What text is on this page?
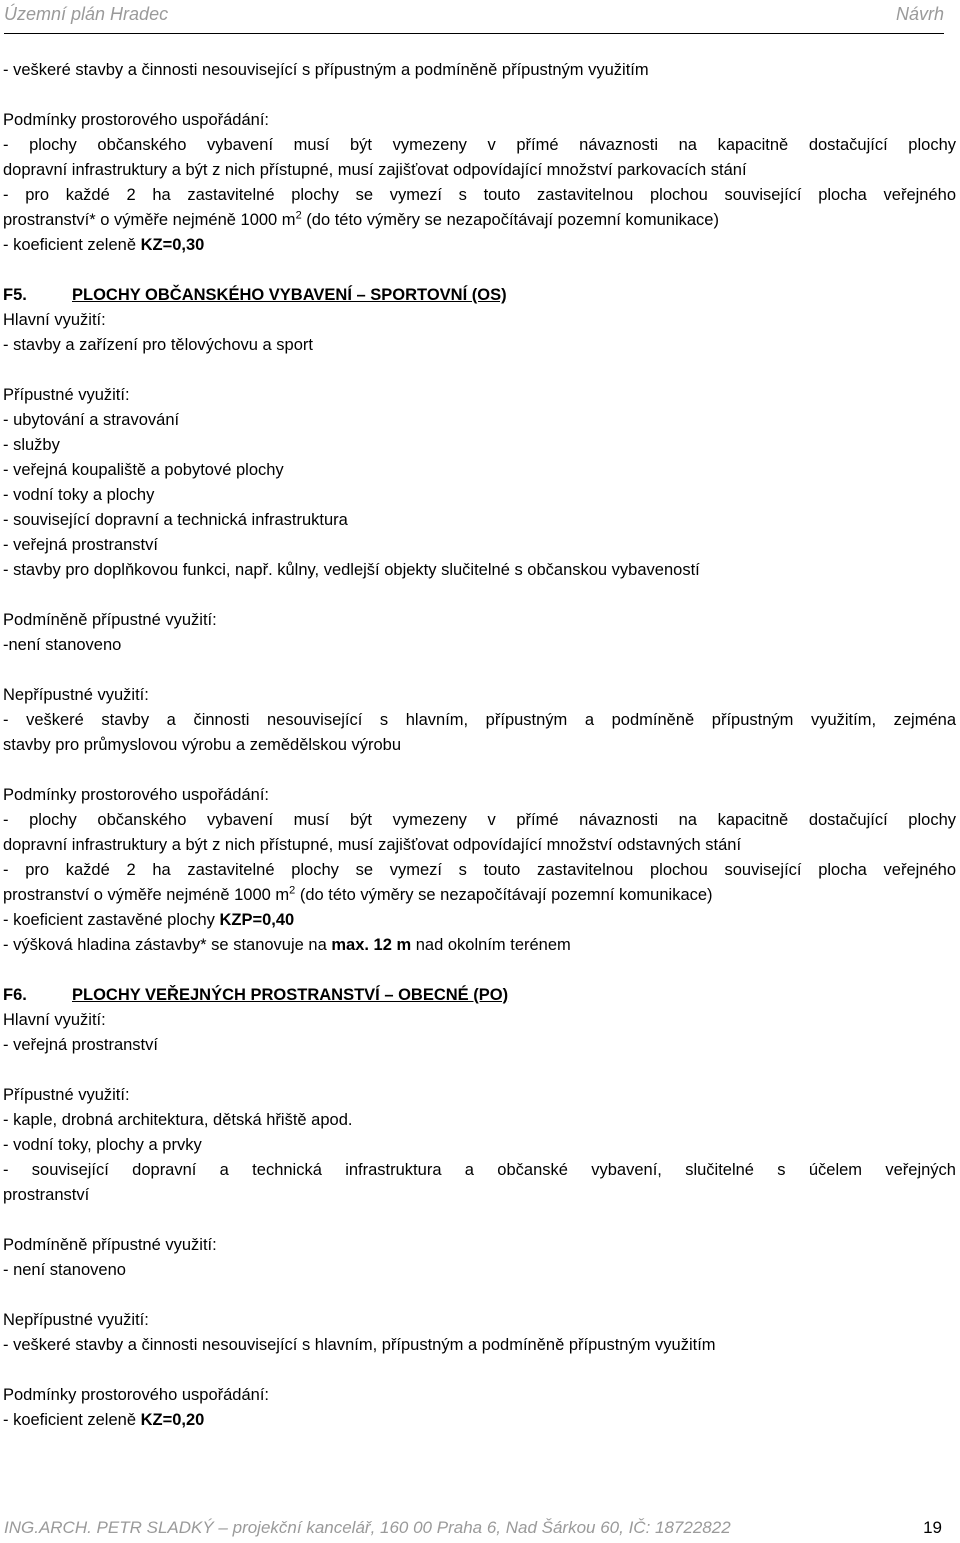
Územní plán Hradec	Návrh
- veškeré stavby a činnosti nesouvisející s přípustným a podmíněně přípustným využitím
Podmínky prostorového uspořádání:
- plochy občanského vybavení musí být vymezeny v přímé návaznosti na kapacitně dostačující plochy
dopravní infrastruktury a být z nich přístupné, musí zajišťovat odpovídající množství parkovacích stání
- pro každé 2 ha zastavitelné plochy se vymezí s touto zastavitelnou plochou související plocha veřejného
prostranství* o výměře nejméně 1000 $m^2$ (do této výměry se nezapočítávají pozemní komunikace)
- koeficient zeleně KZ=0,30
F5.	PLOCHY OBČANSKÉHO VYBAVENÍ – SPORTOVNÍ (OS)
Hlavní využití:
- stavby a zařízení pro tělovýchovu a sport
Přípustné využití:
- ubytování a stravování
- služby
- veřejná koupaliště a pobytové plochy
- vodní toky a plochy
- související dopravní a technická infrastruktura
- veřejná prostranství
- stavby pro doplňkovou funkci, např. kůlny, vedlejší objekty slučitelné s občanskou vybaveností
Podmíněně přípustné využití:
-není stanoveno
Nepřípustné využití:
- veškeré stavby a činnosti nesouvisející s hlavním, přípustným a podmíněně přípustným využitím, zejména
stavby pro průmyslovou výrobu a zemědělskou výrobu
Podmínky prostorového uspořádání:
- plochy občanského vybavení musí být vymezeny v přímé návaznosti na kapacitně dostačující plochy
dopravní infrastruktury a být z nich přístupné, musí zajišťovat odpovídající množství odstavných stání
- pro každé 2 ha zastavitelné plochy se vymezí s touto zastavitelnou plochou související plocha veřejného
prostranství o výměře nejméně 1000 $m^2$ (do této výměry se nezapočítávají pozemní komunikace)
- koeficient zastavěné plochy KZP=0,40
- výšková hladina zástavby* se stanovuje na max. 12 m nad okolním terénem
F6.	PLOCHY VEŘEJNÝCH PROSTRANSTVÍ – OBECNÉ (PO)
Hlavní využití:
- veřejná prostranství
Přípustné využití:
- kaple, drobná architektura, dětská hřiště apod.
- vodní toky, plochy a prvky
- související dopravní a technická infrastruktura a občanské vybavení, slučitelné s účelem veřejných
prostranství
Podmíněně přípustné využití:
- není stanoveno
Nepřípustné využití:
- veškeré stavby a činnosti nesouvisející s hlavním, přípustným a podmíněně přípustným využitím
Podmínky prostorového uspořádání:
- koeficient zeleně KZ=0,20
ING.ARCH. PETR SLADKÝ – projekční kancelář, 160 00 Praha 6, Nad Šárkou 60, IČ: 18722822	19
